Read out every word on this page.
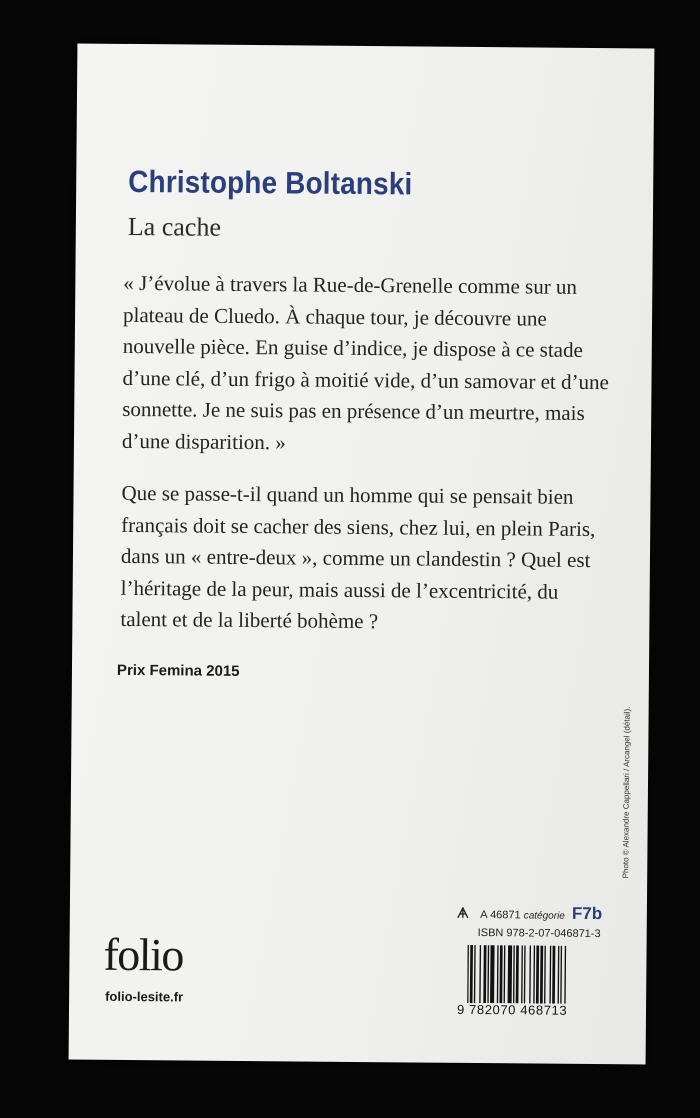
Christophe Boltanski
La cache
« J’évolue à travers la Rue-de-Grenelle comme sur un
plateau de Cluedo. À chaque tour, je découvre une
nouvelle pièce. En guise d’indice, je dispose à ce stade
d’une clé, d’un frigo à moitié vide, d’un samovar et d’une
sonnette. Je ne suis pas en présence d’un meurtre, mais
d’une disparition. »
Que se passe-t-il quand un homme qui se pensait bien
français doit se cacher des siens, chez lui, en plein Paris,
dans un « entre-deux », comme un clandestin ? Quel est
l’héritage de la peur, mais aussi de l’excentricité, du
talent et de la liberté bohème ?
Prix Femina 2015
folio
folio-lesite.fr
A 46871 catégorie F7b
ISBN 978-2-07-046871-3
9 782070 468713
Photo © Alexandre Cappellari / Arcangel (détail).
